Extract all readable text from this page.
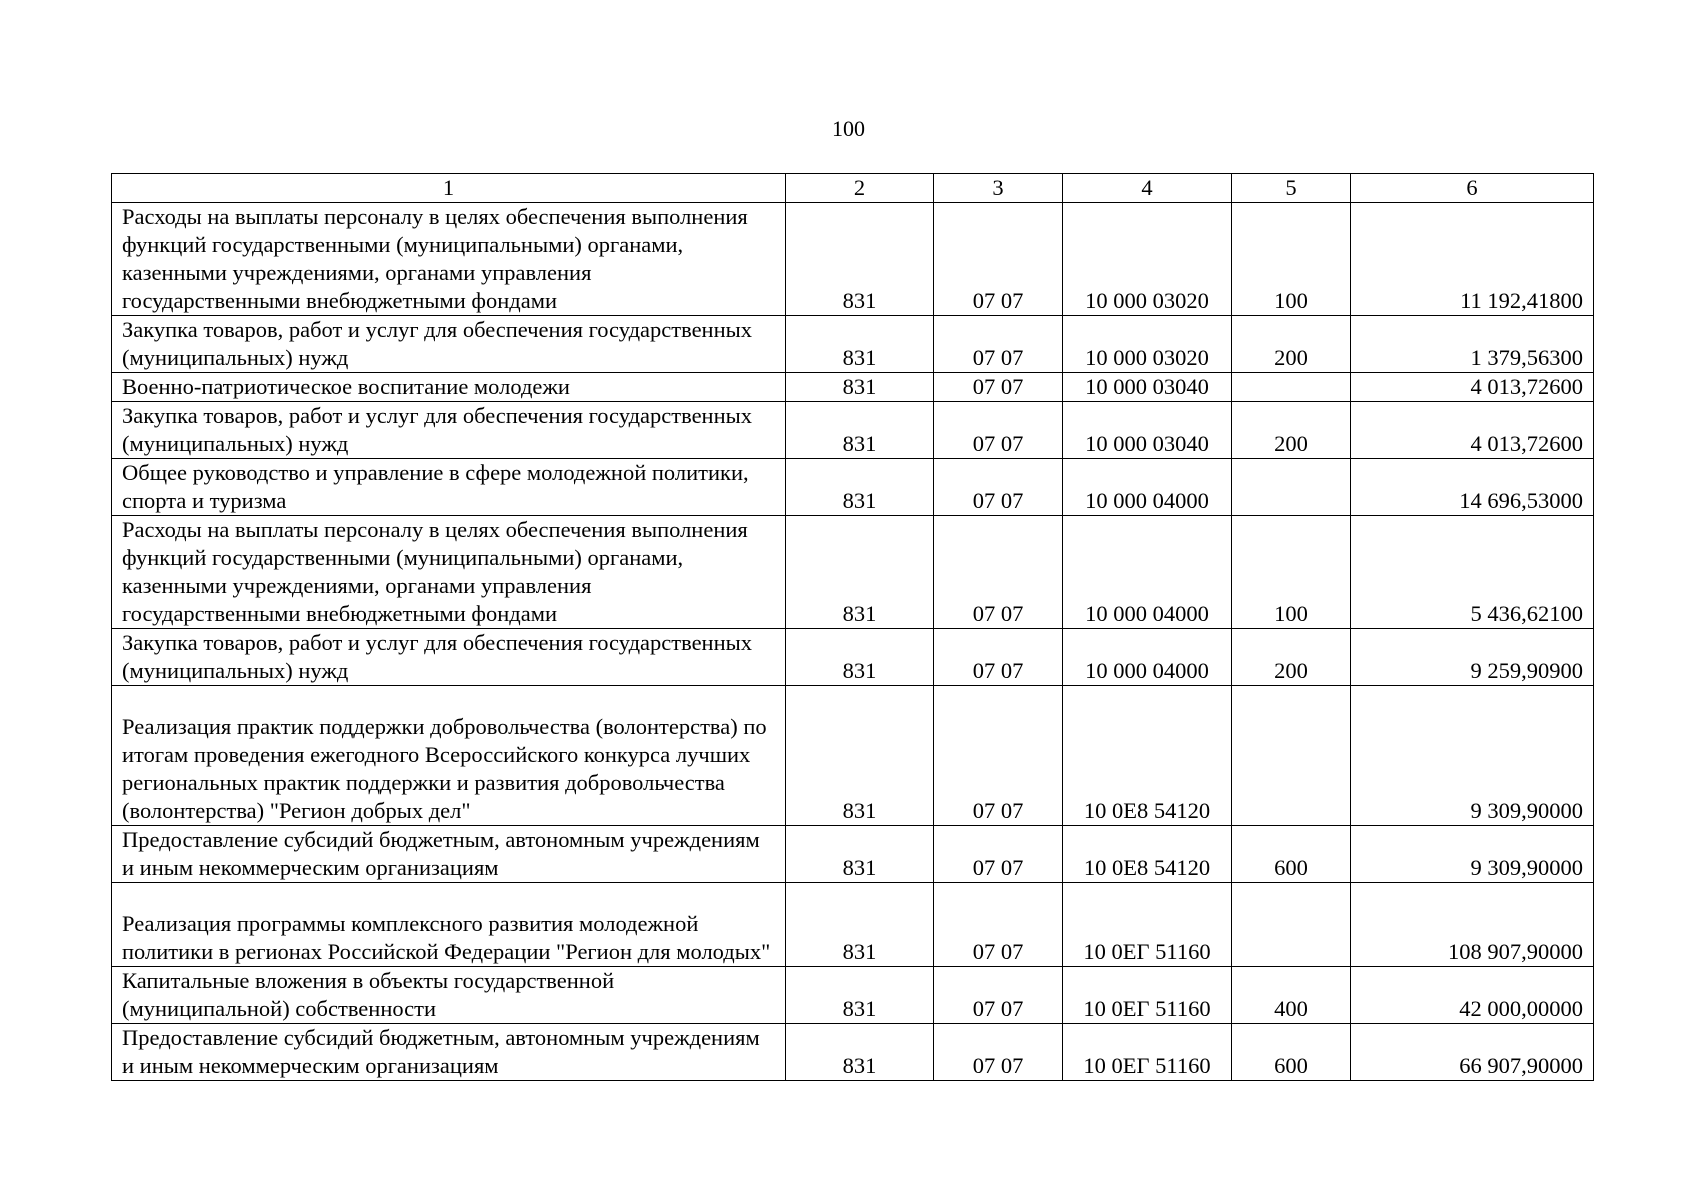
100
1	2	3	4	5	6
Расходы на выплаты персоналу в целях обеспечения выполнения функций государственными (муниципальными) органами, казенными учреждениями, органами управления государственными внебюджетными фондами	831	07 07	10 000 03020	100	11 192,41800
Закупка товаров, работ и услуг для обеспечения государственных (муниципальных) нужд	831	07 07	10 000 03020	200	1 379,56300
Военно-патриотическое воспитание молодежи	831	07 07	10 000 03040		4 013,72600
Закупка товаров, работ и услуг для обеспечения государственных (муниципальных) нужд	831	07 07	10 000 03040	200	4 013,72600
Общее руководство и управление в сфере молодежной политики, спорта и туризма	831	07 07	10 000 04000		14 696,53000
Расходы на выплаты персоналу в целях обеспечения выполнения функций государственными (муниципальными) органами, казенными учреждениями, органами управления государственными внебюджетными фондами	831	07 07	10 000 04000	100	5 436,62100
Закупка товаров, работ и услуг для обеспечения государственных (муниципальных) нужд	831	07 07	10 000 04000	200	9 259,90900
Реализация практик поддержки добровольчества (волонтерства) по итогам проведения ежегодного Всероссийского конкурса лучших региональных практик поддержки и развития добровольчества (волонтерства) "Регион добрых дел"	831	07 07	10 0Е8 54120		9 309,90000
Предоставление субсидий бюджетным, автономным учреждениям и иным некоммерческим организациям	831	07 07	10 0Е8 54120	600	9 309,90000
Реализация программы комплексного развития молодежной политики в регионах Российской Федерации "Регион для молодых"	831	07 07	10 0ЕГ 51160		108 907,90000
Капитальные вложения в объекты государственной (муниципальной) собственности	831	07 07	10 0ЕГ 51160	400	42 000,00000
Предоставление субсидий бюджетным, автономным учреждениям и иным некоммерческим организациям	831	07 07	10 0ЕГ 51160	600	66 907,90000
